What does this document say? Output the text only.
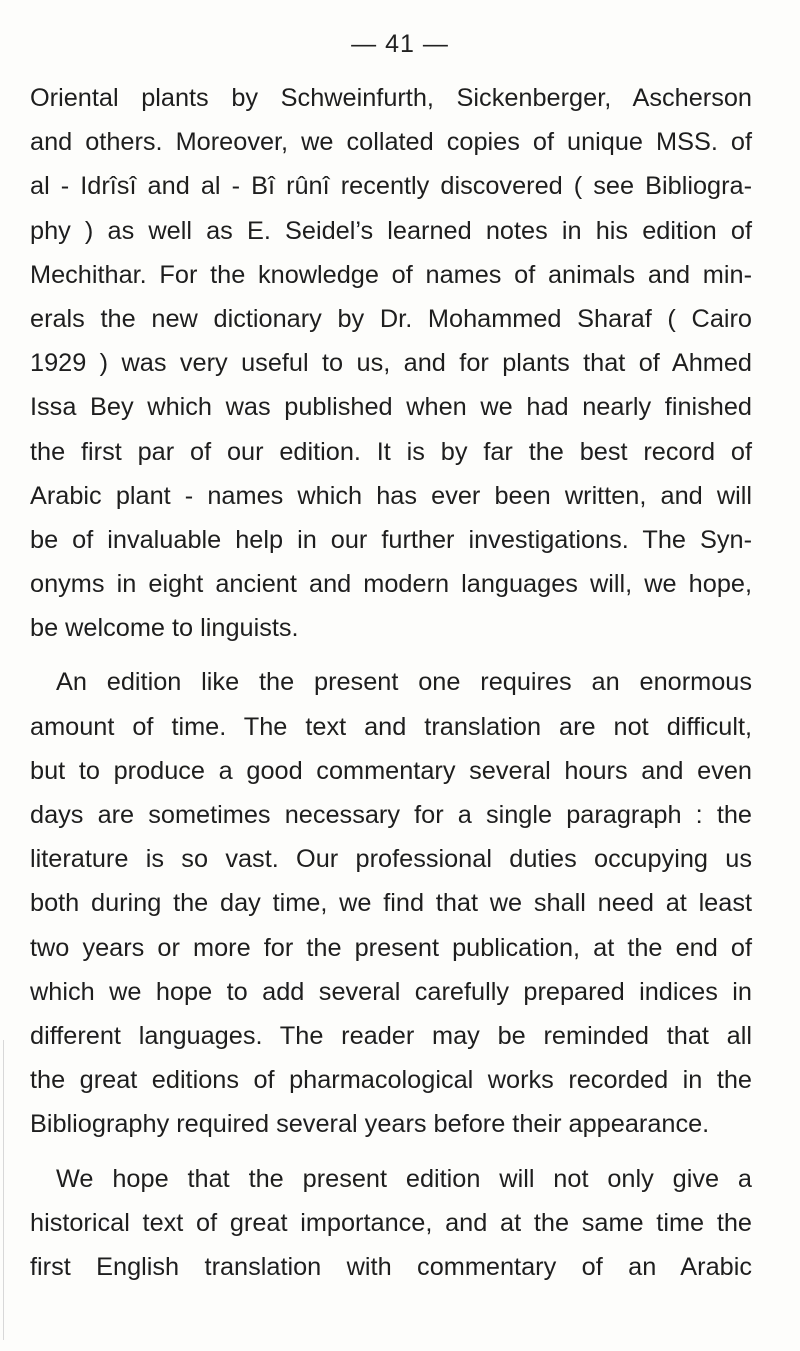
— 41 —
Oriental plants by Schweinfurth, Sickenberger, Ascherson
and others. Moreover, we collated copies of unique MSS. of
al - Idrîsî and al - Bî rûnî recently discovered ( see Bibliogra-
phy ) as well as E. Seidel’s learned notes in his edition of
Mechithar. For the knowledge of names of animals and min-
erals the new dictionary by Dr. Mohammed Sharaf ( Cairo
1929 ) was very useful to us, and for plants that of Ahmed
Issa Bey which was published when we had nearly finished
the first par of our edition. It is by far the best record of
Arabic plant - names which has ever been written, and will
be of invaluable help in our further investigations. The Syn-
onyms in eight ancient and modern languages will, we hope,
be welcome to linguists.
An edition like the present one requires an enormous
amount of time. The text and translation are not difficult,
but to produce a good commentary several hours and even
days are sometimes necessary for a single paragraph : the
literature is so vast. Our professional duties occupying us
both during the day time, we find that we shall need at least
two years or more for the present publication, at the end of
which we hope to add several carefully prepared indices in
different languages. The reader may be reminded that all
the great editions of pharmacological works recorded in the
Bibliography required several years before their appearance.
We hope that the present edition will not only give a
historical text of great importance, and at the same time the
first English translation with commentary of an Arabic
